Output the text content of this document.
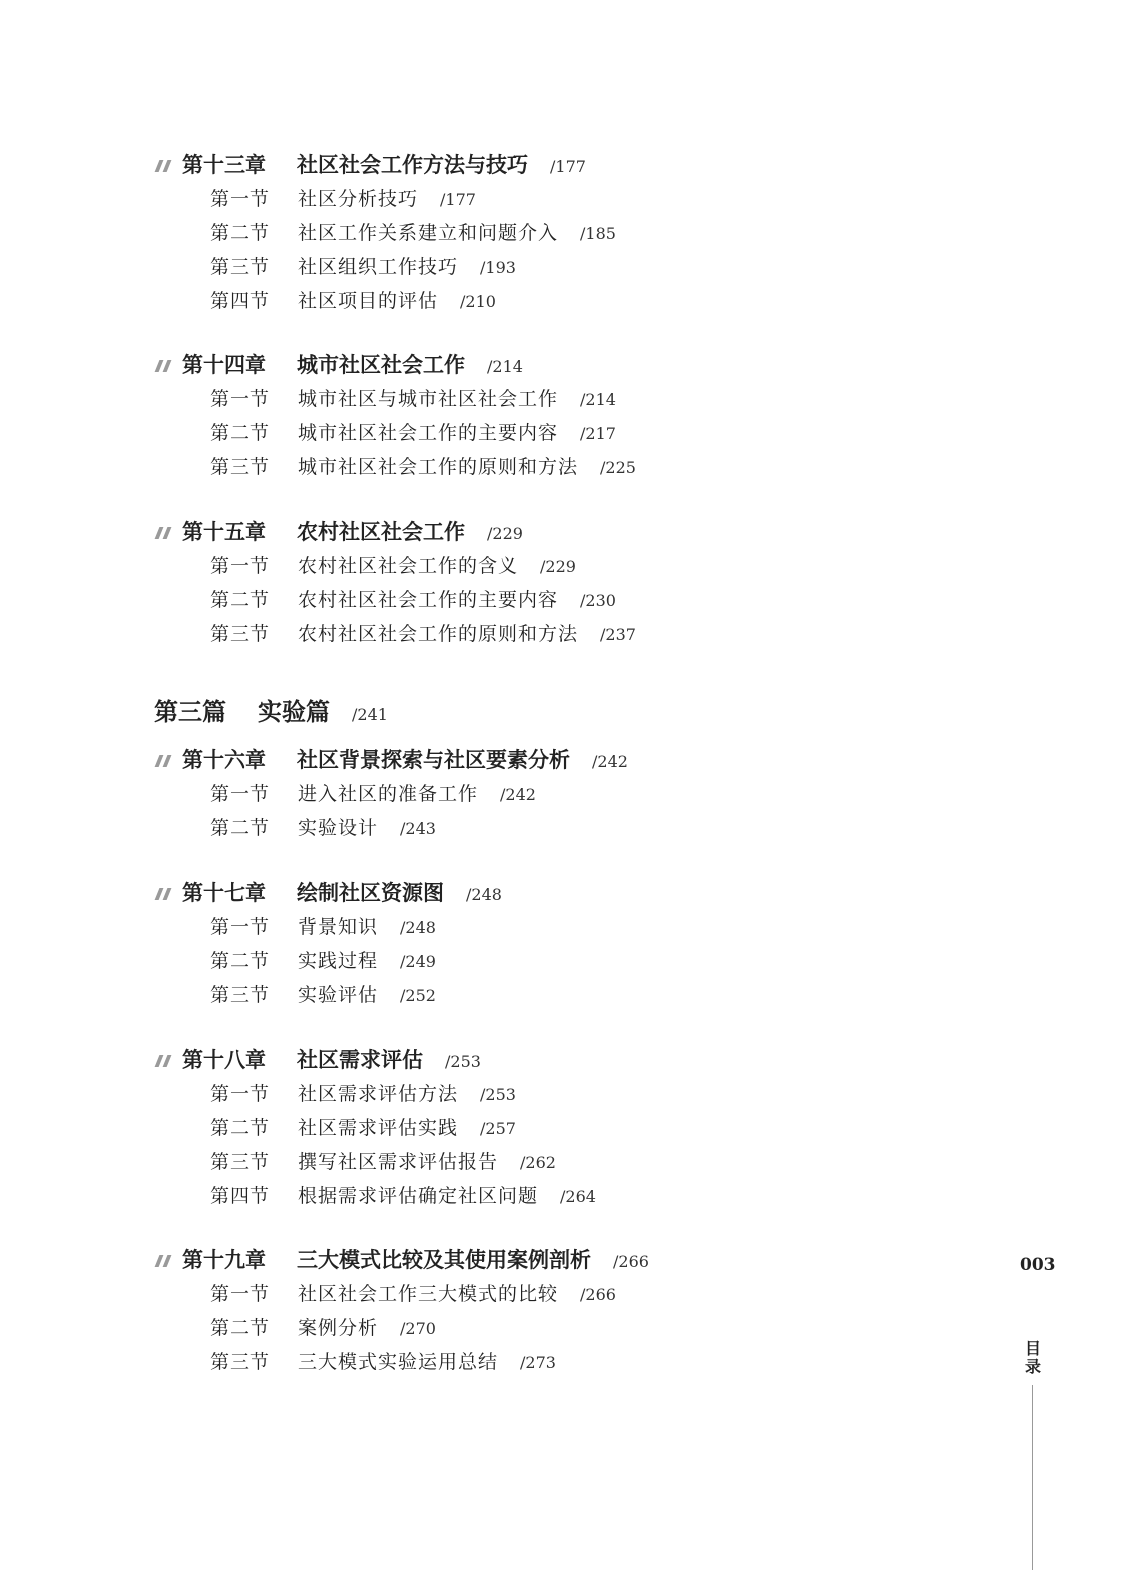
第十三章 社区社会工作方法与技巧 /177
第一节 社区分析技巧 /177
第二节 社区工作关系建立和问题介入 /185
第三节 社区组织工作技巧 /193
第四节 社区项目的评估 /210
第十四章 城市社区社会工作 /214
第一节 城市社区与城市社区社会工作 /214
第二节 城市社区社会工作的主要内容 /217
第三节 城市社区社会工作的原则和方法 /225
第十五章 农村社区社会工作 /229
第一节 农村社区社会工作的含义 /229
第二节 农村社区社会工作的主要内容 /230
第三节 农村社区社会工作的原则和方法 /237
第三篇 实验篇 /241
第十六章 社区背景探索与社区要素分析 /242
第一节 进入社区的准备工作 /242
第二节 实验设计 /243
第十七章 绘制社区资源图 /248
第一节 背景知识 /248
第二节 实践过程 /249
第三节 实验评估 /252
第十八章 社区需求评估 /253
第一节 社区需求评估方法 /253
第二节 社区需求评估实践 /257
第三节 撰写社区需求评估报告 /262
第四节 根据需求评估确定社区问题 /264
第十九章 三大模式比较及其使用案例剖析 /266
第一节 社区社会工作三大模式的比较 /266
第二节 案例分析 /270
第三节 三大模式实验运用总结 /273
003
目录
